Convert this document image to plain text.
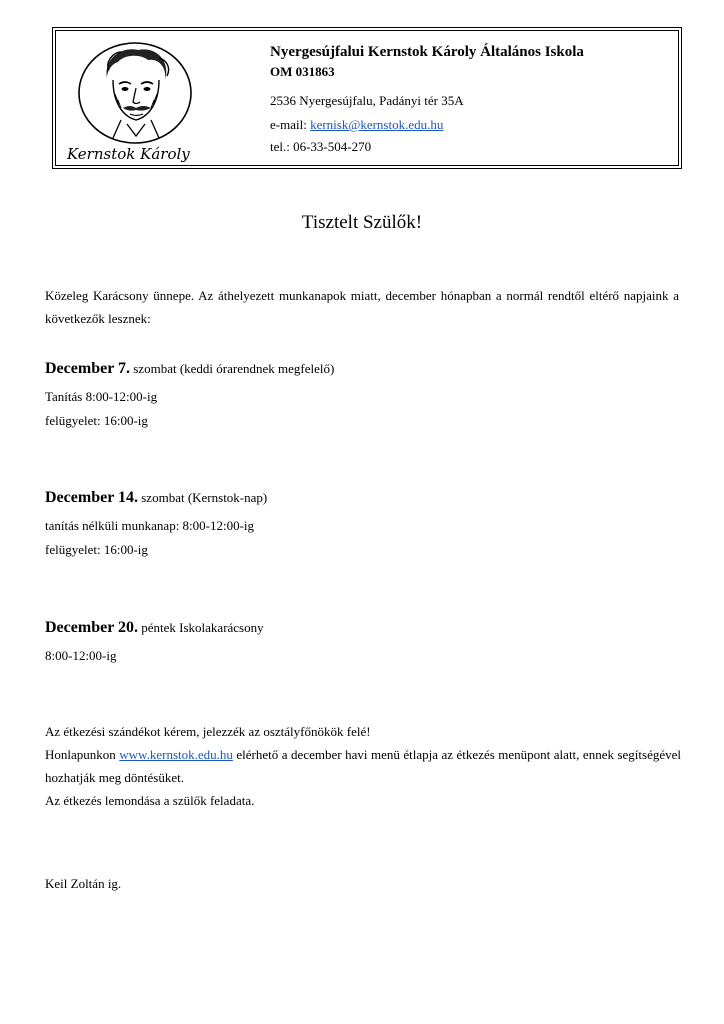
Kernstok Károly
Nyergesújfalui Kernstok Károly Általános Iskola
OM 031863
2536 Nyergesújfalu, Padányi tér 35A
e-mail: kernisk@kernstok.edu.hu
tel.: 06-33-504-270
Tisztelt Szülők!
Közeleg Karácsony ünnepe. Az áthelyezett munkanapok miatt, december hónapban a normál rendtől eltérő napjaink a következők lesznek:
December 7. szombat (keddi órarendnek megfelelő)
Tanítás 8:00-12:00-ig
felügyelet: 16:00-ig
December 14. szombat (Kernstok-nap)
tanítás nélküli munkanap: 8:00-12:00-ig
felügyelet: 16:00-ig
December 20. péntek Iskolakarácsony
8:00-12:00-ig
Az étkezési szándékot kérem, jelezzék az osztályfőnökök felé!
Honlapunkon www.kernstok.edu.hu elérhető a december havi menü étlapja az étkezés menüpont alatt, ennek segítségével hozhatják meg döntésüket.
Az étkezés lemondása a szülők feladata.
Keil Zoltán ig.
